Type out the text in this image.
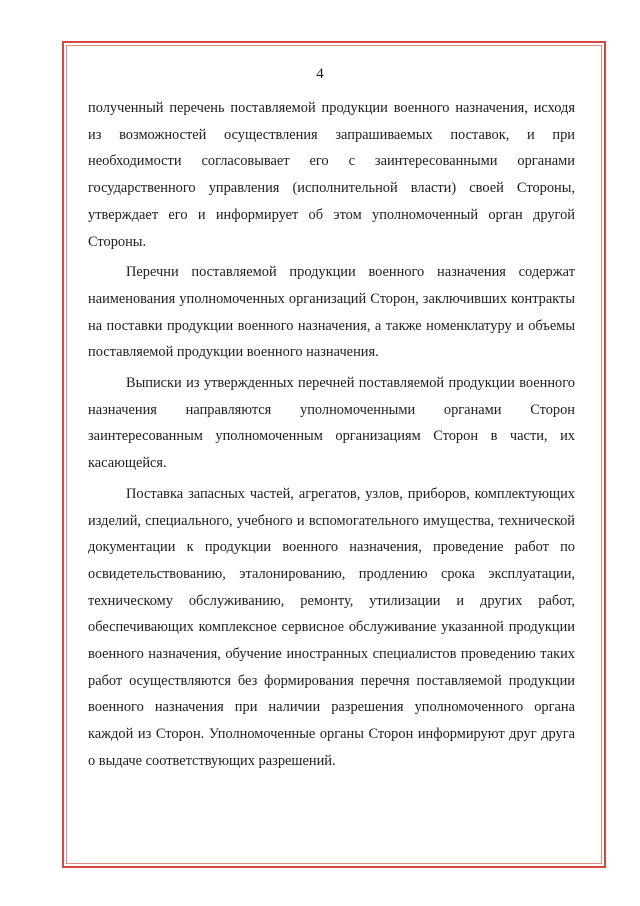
4

полученный перечень поставляемой продукции военного назначения, исходя из возможностей осуществления запрашиваемых поставок, и при необходимости согласовывает его с заинтересованными органами государственного управления (исполнительной власти) своей Стороны, утверждает его и информирует об этом уполномоченный орган другой Стороны.

Перечни поставляемой продукции военного назначения содержат наименования уполномоченных организаций Сторон, заключивших контракты на поставки продукции военного назначения, а также номенклатуру и объемы поставляемой продукции военного назначения.

Выписки из утвержденных перечней поставляемой продукции военного назначения направляются уполномоченными органами Сторон заинтересованным уполномоченным организациям Сторон в части, их касающейся.

Поставка запасных частей, агрегатов, узлов, приборов, комплектующих изделий, специального, учебного и вспомогательного имущества, технической документации к продукции военного назначения, проведение работ по освидетельствованию, эталонированию, продлению срока эксплуатации, техническому обслуживанию, ремонту, утилизации и других работ, обеспечивающих комплексное сервисное обслуживание указанной продукции военного назначения, обучение иностранных специалистов проведению таких работ осуществляются без формирования перечня поставляемой продукции военного назначения при наличии разрешения уполномоченного органа каждой из Сторон. Уполномоченные органы Сторон информируют друг друга о выдаче соответствующих разрешений.
